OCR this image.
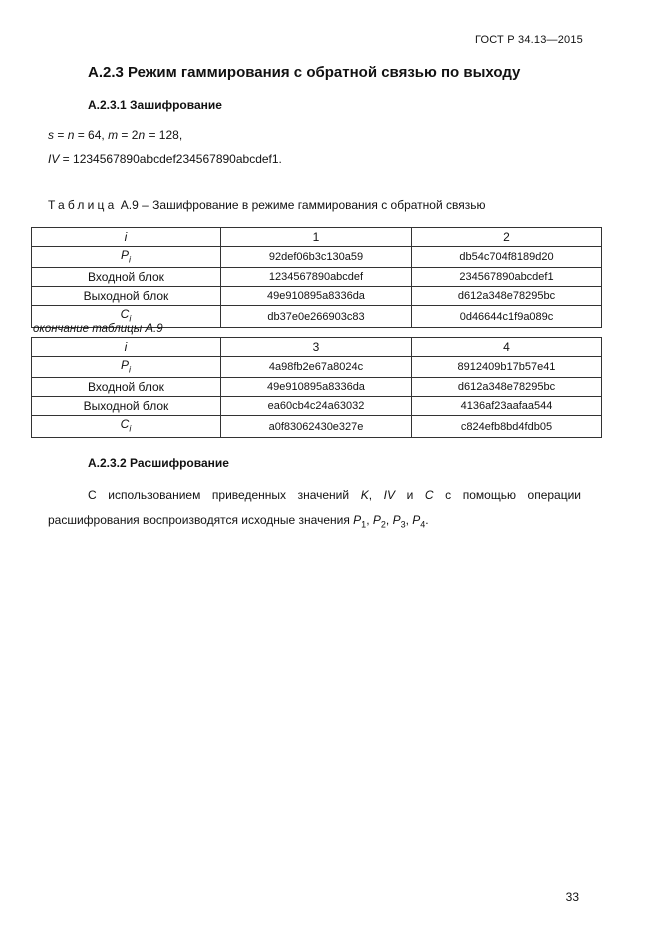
ГОСТ Р 34.13—2015
А.2.3 Режим гаммирования с обратной связью по выходу
А.2.3.1 Зашифрование
s = n = 64, m = 2n = 128,
IV = 1234567890abcdef234567890abcdef1.
Таблица А.9 – Зашифрование в режиме гаммирования с обратной связью
i	1	2
$P_i$	92def06b3c130a59	db54c704f8189d20
Входной блок	1234567890abcdef	234567890abcdef1
Выходной блок	49e910895a8336da	d612a348e78295bc
$C_i$	db37e0e266903c83	0d46644c1f9a089c
окончание таблицы А.9
i	3	4
$P_i$	4a98fb2e67a8024c	8912409b17b57e41
Входной блок	49e910895a8336da	d612a348e78295bc
Выходной блок	ea60cb4c24a63032	4136af23aafaa544
$C_i$	a0f83062430e327e	c824efb8bd4fdb05
А.2.3.2 Расшифрование
С использованием приведенных значений K, IV и C с помощью операции
расшифрования воспроизводятся исходные значения $P_1$, $P_2$, $P_3$, $P_4$.
33
